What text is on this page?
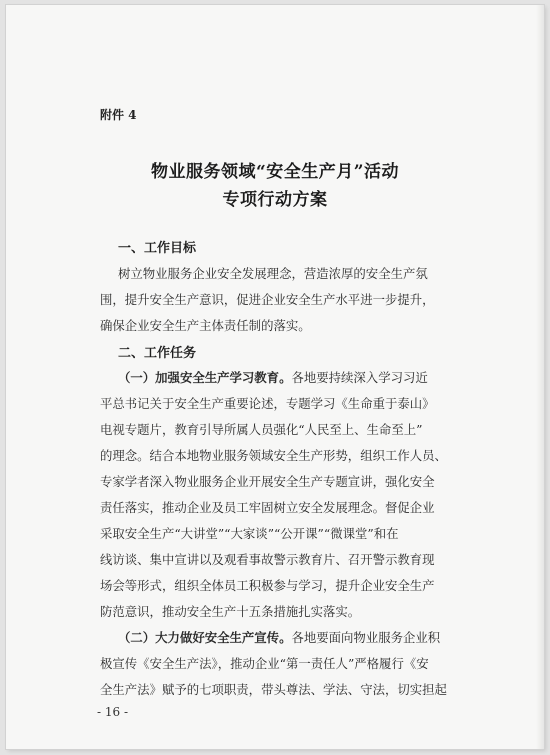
附件 4
物业服务领域“安全生产月”活动
专项行动方案
一、工作目标
树立物业服务企业安全发展理念，营造浓厚的安全生产氛
围，提升安全生产意识，促进企业安全生产水平进一步提升，
确保企业安全生产主体责任制的落实。
二、工作任务
（一）加强安全生产学习教育。各地要持续深入学习习近
平总书记关于安全生产重要论述，专题学习《生命重于泰山》
电视专题片，教育引导所属人员强化“人民至上、生命至上”
的理念。结合本地物业服务领域安全生产形势，组织工作人员、
专家学者深入物业服务企业开展安全生产专题宣讲，强化安全
责任落实，推动企业及员工牢固树立安全发展理念。督促企业
采取安全生产“大讲堂”“大家谈”“公开课”“微课堂”和在
线访谈、集中宣讲以及观看事故警示教育片、召开警示教育现
场会等形式，组织全体员工积极参与学习，提升企业安全生产
防范意识，推动安全生产十五条措施扎实落实。
（二）大力做好安全生产宣传。各地要面向物业服务企业积
极宣传《安全生产法》，推动企业“第一责任人”严格履行《安
全生产法》赋予的七项职责，带头尊法、学法、守法，切实担起
- 16 -
